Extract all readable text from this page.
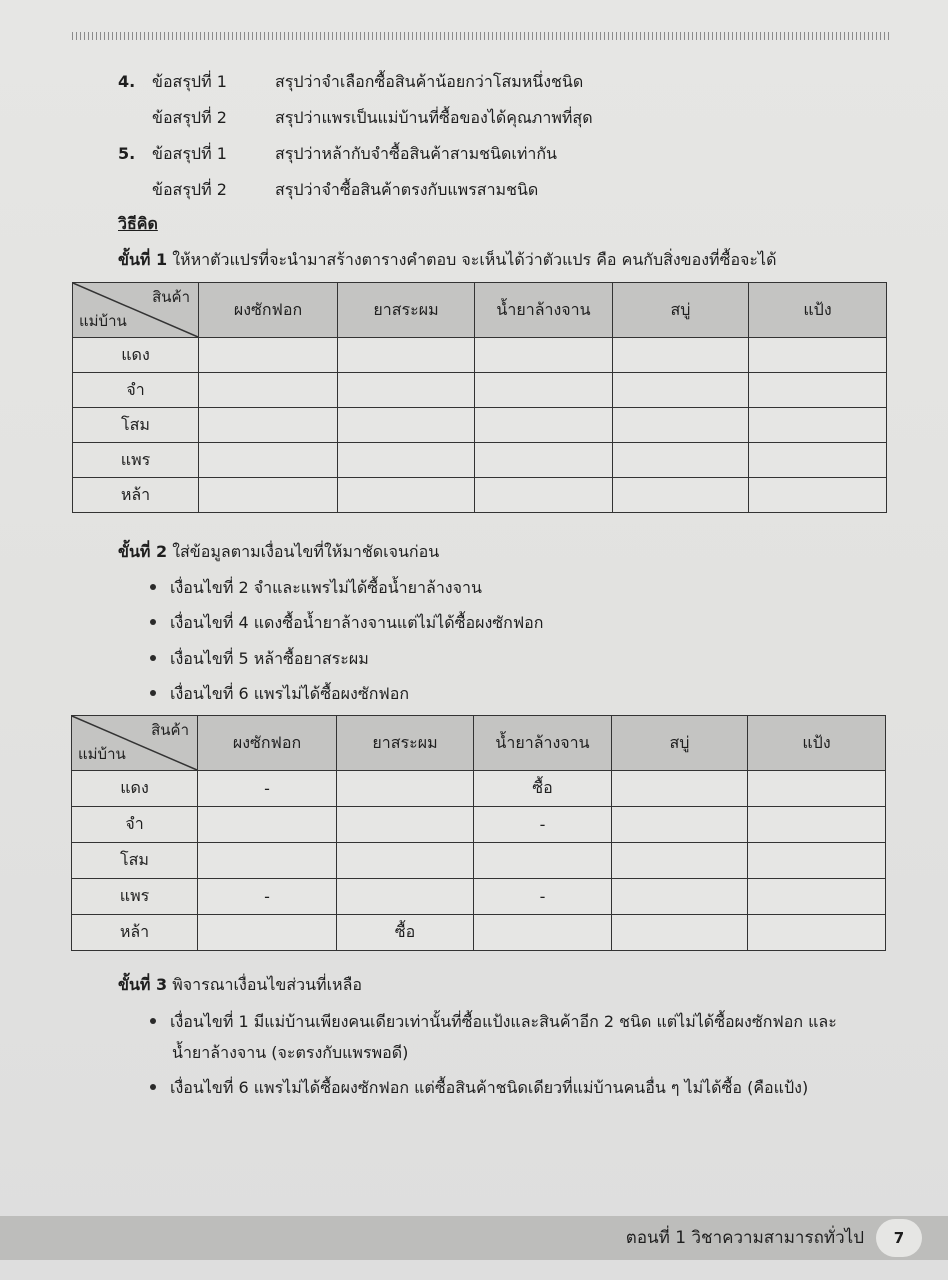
4. ข้อสรุปที่ 1	สรุปว่าจำเลือกซื้อสินค้าน้อยกว่าโสมหนึ่งชนิด
ข้อสรุปที่ 2	สรุปว่าแพรเป็นแม่บ้านที่ซื้อของได้คุณภาพที่สุด
5. ข้อสรุปที่ 1	สรุปว่าหล้ากับจำซื้อสินค้าสามชนิดเท่ากัน
ข้อสรุปที่ 2	สรุปว่าจำซื้อสินค้าตรงกับแพรสามชนิด
วิธีคิด
ขั้นที่ 1 ให้หาตัวแปรที่จะนำมาสร้างตารางคำตอบ จะเห็นได้ว่าตัวแปร คือ คนกับสิ่งของที่ซื้อจะได้
สินค้า
แม่บ้าน	ผงซักฟอก	ยาสระผม	น้ำยาล้างจาน	สบู่	แป้ง
แดง					
จำ					
โสม					
แพร					
หล้า					
ขั้นที่ 2 ใส่ข้อมูลตามเงื่อนไขที่ให้มาชัดเจนก่อน
เงื่อนไขที่ 2 จำและแพรไม่ได้ซื้อน้ำยาล้างจาน
เงื่อนไขที่ 4 แดงซื้อน้ำยาล้างจานแต่ไม่ได้ซื้อผงซักฟอก
เงื่อนไขที่ 5 หล้าซื้อยาสระผม
เงื่อนไขที่ 6 แพรไม่ได้ซื้อผงซักฟอก
สินค้า
แม่บ้าน	ผงซักฟอก	ยาสระผม	น้ำยาล้างจาน	สบู่	แป้ง
แดง	-		ซื้อ		
จำ			-		
โสม					
แพร	-		-		
หล้า		ซื้อ			
ขั้นที่ 3 พิจารณาเงื่อนไขส่วนที่เหลือ
เงื่อนไขที่ 1 มีแม่บ้านเพียงคนเดียวเท่านั้นที่ซื้อแป้งและสินค้าอีก 2 ชนิด แต่ไม่ได้ซื้อผงซักฟอก และ
น้ำยาล้างจาน (จะตรงกับแพรพอดี)
เงื่อนไขที่ 6 แพรไม่ได้ซื้อผงซักฟอก แต่ซื้อสินค้าชนิดเดียวที่แม่บ้านคนอื่น ๆ ไม่ได้ซื้อ (คือแป้ง)
ตอนที่ 1 วิชาความสามารถทั่วไป	7
